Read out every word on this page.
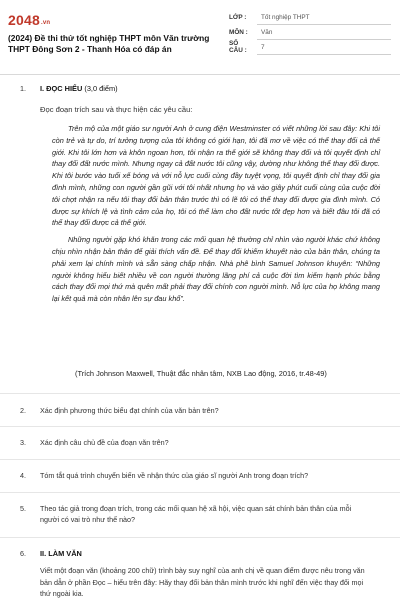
2048.vn
(2024) Đề thi thử tốt nghiệp THPT môn Văn trường THPT Đông Sơn 2 - Thanh Hóa có đáp án
LỚP :	Tốt nghiệp THPT
MÔN :	Văn
SỐ CÂU :	7
1. I. ĐỌC HIỂU (3,0 điểm)
Đọc đoạn trích sau và thực hiện các yêu cầu:

Trên mộ của một giáo sư người Anh ở cung điện Westminster có viết những lời sau đây: Khi tôi còn trẻ và tự do, trí tưởng tượng của tôi không có giới hạn, tôi đã mơ về việc có thể thay đổi cả thế giới. Khi tôi lớn hơn và khôn ngoan hơn, tôi nhận ra thế giới sẽ không thay đổi và tôi quyết định chỉ thay đổi đất nước mình. Nhưng ngay cả đất nước tôi cũng vậy, dường như không thể thay đổi được. Khi tôi bước vào tuổi xế bóng và với nỗ lực cuối cùng đầy tuyệt vọng, tôi quyết định chỉ thay đổi gia đình mình, những con người gần gũi với tôi nhất nhưng họ và vào giây phút cuối cùng của cuộc đời tôi chợt nhận ra nếu tôi thay đổi bản thân trước thì có lẽ tôi có thể thay đổi được gia đình mình. Có được sự khích lệ và tình cảm của họ, tôi có thể làm cho đất nước tốt đẹp hơn và biết đâu tôi đã có thể thay đổi được cả thế giới.

Những người gặp khó khăn trong các mối quan hệ thường chỉ nhìn vào người khác chứ không chịu nhìn nhận bản thân để giải thích vấn đề. Để thay đổi khiếm khuyết nào của bản thân, chúng ta phải xem lại chính mình và sẵn sàng chấp nhận. Nhà phê bình Samuel Johnson khuyên: “Những người không hiểu biết nhiều về con người thường lãng phí cả cuộc đời tìm kiếm hạnh phúc bằng cách thay đổi mọi thứ mà quên mất phải thay đổi chính con người mình. Nỗ lực của họ không mang lại kết quả mà còn nhân lên sự đau khổ”.

(Trích Johnson Maxwell, Thuật đắc nhân tâm, NXB Lao động, 2016, tr.48-49)
2. Xác định phương thức biểu đạt chính của văn bản trên?
3. Xác định câu chủ đề của đoạn văn trên?
4. Tóm tắt quá trình chuyển biến về nhận thức của giáo sĩ người Anh trong đoạn trích?
5. Theo tác giả trong đoạn trích, trong các mối quan hệ xã hội, việc quan sát chính bản thân của mỗi người có vai trò như thế nào?
6. II. LÀM VĂN
Viết một đoạn văn (khoảng 200 chữ) trình bày suy nghĩ của anh chị về quan điểm được nêu trong văn bản dẫn ở phần Đọc – hiểu trên đây: Hãy thay đổi bản thân mình trước khi nghĩ đến việc thay đổi mọi thứ ngoài kia.
